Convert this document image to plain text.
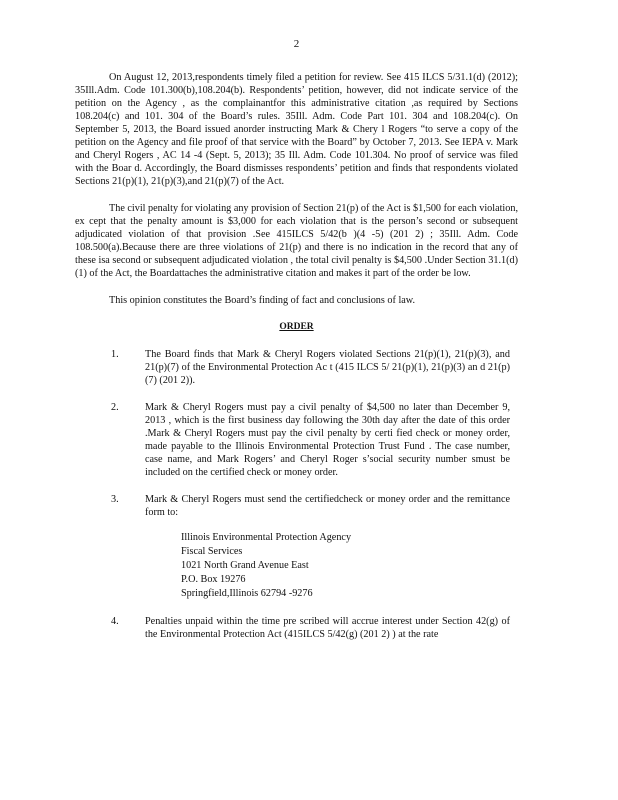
2

On August 12, 2013,respondents timely filed a petition for review. See 415 ILCS 5/31.1(d) (2012); 35Ill.Adm. Code 101.300(b),108.204(b). Respondents’ petition, however, did not indicate service of the petition on the Agency , as the complainantfor this administrative citation ,as required by Sections 108.204(c) and 101. 304 of the Board’s rules. 35Ill. Adm. Code Part 101. 304 and 108.204(c). On September 5, 2013, the Board issued anorder instructing Mark & Chery l Rogers “to serve a copy of the petition on the Agency and file proof of that service with the Board” by October 7, 2013. See IEPA v. Mark and Cheryl Rogers , AC 14 -4 (Sept. 5, 2013); 35 Ill. Adm. Code 101.304. No proof of service was filed with the Boar d. Accordingly, the Board dismisses respondents’ petition and finds that respondents violated Sections 21(p)(1), 21(p)(3),and 21(p)(7) of the Act.

The civil penalty for violating any provision of Section 21(p) of the Act is $1,500 for each violation, ex cept that the penalty amount is $3,000 for each violation that is the person’s second or subsequent adjudicated violation of that provision .See 415ILCS 5/42(b )(4 -5) (201 2) ; 35Ill. Adm. Code 108.500(a).Because there are three violations of 21(p) and there is no indication in the record that any of these isa second or subsequent adjudicated violation , the total civil penalty is $4,500 .Under Section 31.1(d)(1) of the Act, the Boardattaches the administrative citation and makes it part of the order be low.

This opinion constitutes the Board’s finding of fact and conclusions of law.

ORDER
1.	The Board finds that Mark & Cheryl Rogers violated Sections 21(p)(1), 21(p)(3), and 21(p)(7) of the Environmental Protection Ac t (415 ILCS 5/ 21(p)(1), 21(p)(3) an d 21(p)(7) (201 2)).
2.	Mark & Cheryl Rogers must pay a civil penalty of $4,500 no later than December 9, 2013 , which is the first business day following the 30th day after the date of this order .Mark & Cheryl Rogers must pay the civil penalty by certi fied check or money order, made payable to the Illinois Environmental Protection Trust Fund . The case number, case name, and Mark Rogers’ and Cheryl Roger s’social security number smust be included on the certified check or money order.
3.	Mark & Cheryl Rogers must send the certifiedcheck or money order and the remittance form to:
Illinois Environmental Protection Agency
Fiscal Services
1021 North Grand Avenue East
P.O. Box 19276
Springfield,Illinois 62794 -9276
4.	Penalties unpaid within the time pre scribed will accrue interest under Section 42(g) of the Environmental Protection Act (415ILCS 5/42(g) (201 2) ) at the rate
